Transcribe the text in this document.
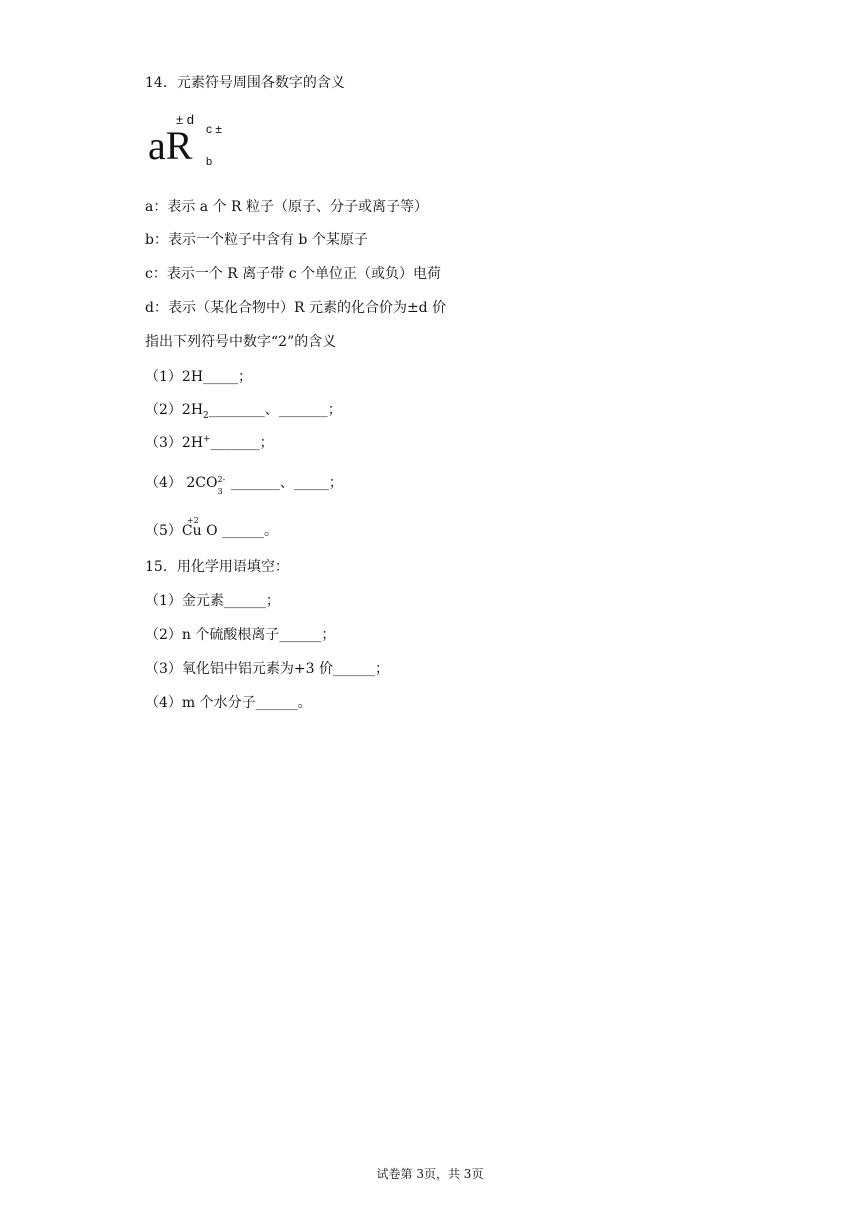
14．元素符号周围各数字的含义
aR
± d
c ±
b
a：表示 a 个 R 粒子（原子、分子或离子等）
b：表示一个粒子中含有 b 个某原子
c：表示一个 R 离子带 c 个单位正（或负）电荷
d：表示（某化合物中）R 元素的化合价为±d 价
指出下列符号中数字“2”的含义
（1）2H_____；
$(2)2H_2\_\_\_\_\_\_\_\_$、_______；
（3）2H+_______；
（4） 2CO 2-
3
_______、_____；
（5）
+2
Cu O ______。
15．用化学用语填空：
（1）金元素______；
（2）n 个硫酸根离子______；
（3）氧化铝中铝元素为+3 价______；
（4）m 个水分子______。
试卷第 3页，共 3页
